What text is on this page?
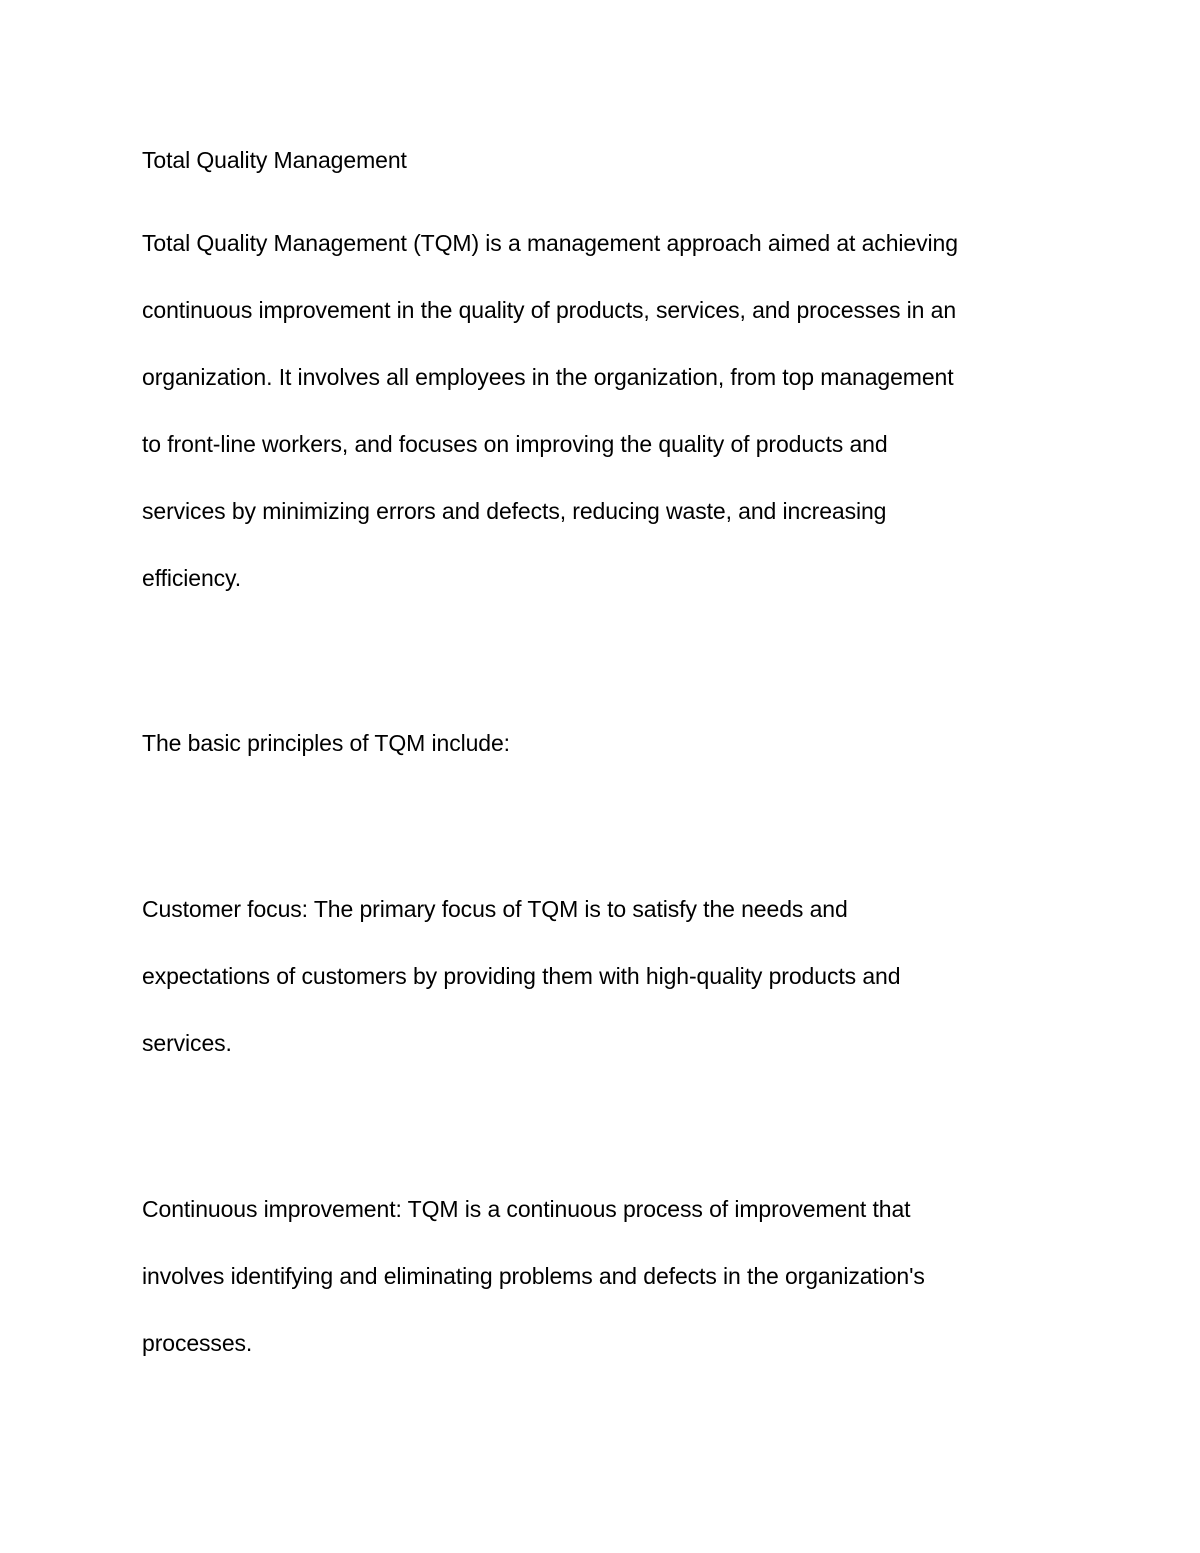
Total Quality Management
Total Quality Management (TQM) is a management approach aimed at achieving
continuous improvement in the quality of products, services, and processes in an
organization. It involves all employees in the organization, from top management
to front-line workers, and focuses on improving the quality of products and
services by minimizing errors and defects, reducing waste, and increasing
efficiency.
The basic principles of TQM include:
Customer focus: The primary focus of TQM is to satisfy the needs and
expectations of customers by providing them with high-quality products and
services.
Continuous improvement: TQM is a continuous process of improvement that
involves identifying and eliminating problems and defects in the organization's
processes.
